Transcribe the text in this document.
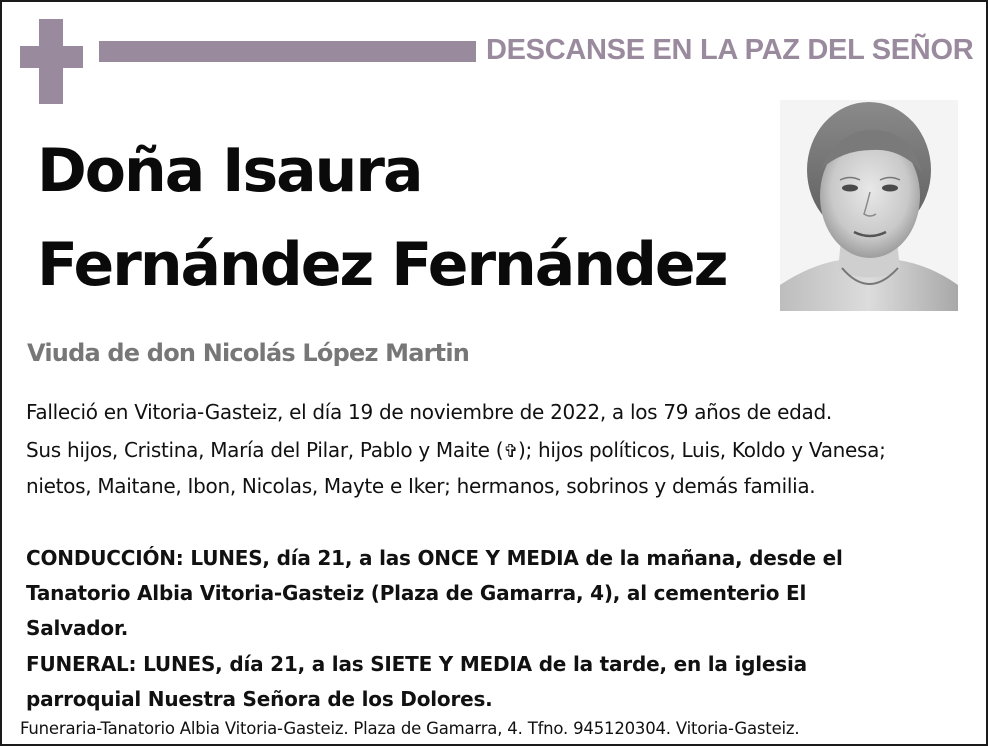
DESCANSE EN LA PAZ DEL SEÑOR
Doña Isaura
Fernández Fernández
Viuda de don Nicolás López Martin
Falleció en Vitoria-Gasteiz, el día 19 de noviembre de 2022, a los 79 años de edad.
Sus hijos, Cristina, María del Pilar, Pablo y Maite (✞); hijos políticos, Luis, Koldo y Vanesa; nietos, Maitane, Ibon, Nicolas, Mayte e Iker; hermanos, sobrinos y demás familia.
CONDUCCIÓN: LUNES, día 21, a las ONCE Y MEDIA de la mañana, desde el Tanatorio Albia Vitoria-Gasteiz (Plaza de Gamarra, 4), al cementerio El Salvador.
FUNERAL: LUNES, día 21, a las SIETE Y MEDIA de la tarde, en la iglesia parroquial Nuestra Señora de los Dolores.
Funeraria-Tanatorio Albia Vitoria-Gasteiz. Plaza de Gamarra, 4. Tfno. 945120304. Vitoria-Gasteiz.
